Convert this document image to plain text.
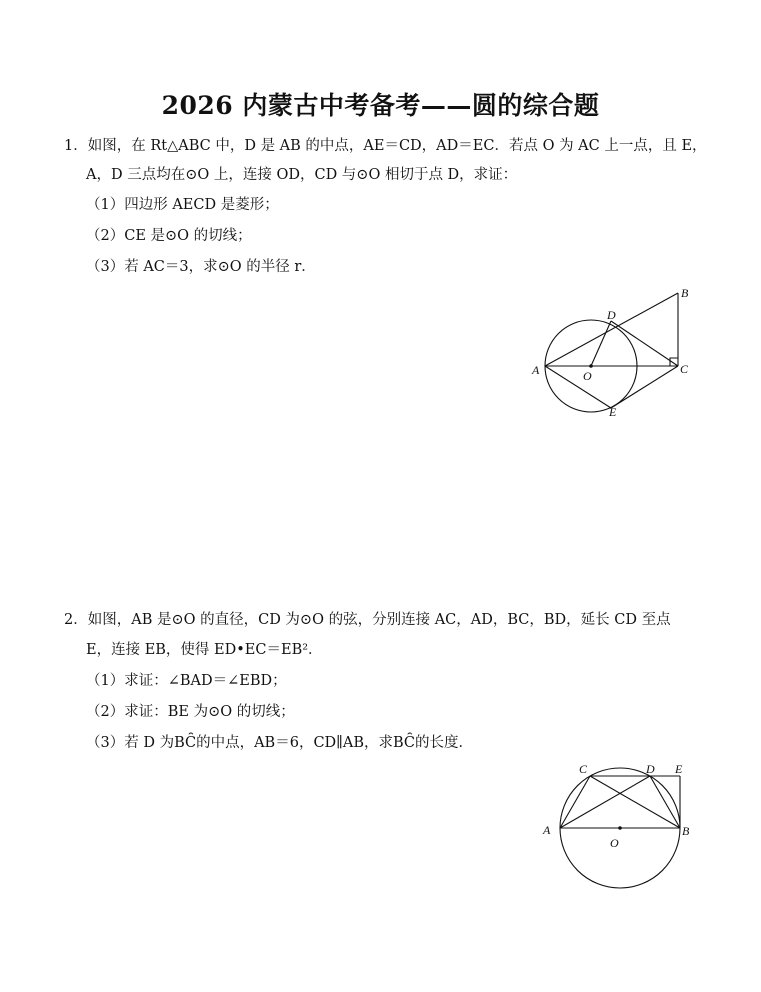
2026 内蒙古中考备考——圆的综合题
1．如图，在 Rt△ABC 中，D 是 AB 的中点，AE＝CD，AD＝EC．若点 O 为 AC 上一点，且 E，
A，D 三点均在⊙O 上，连接 OD，CD 与⊙O 相切于点 D，求证：
（1）四边形 AECD 是菱形；
（2）CE 是⊙O 的切线；
（3）若 AC＝3，求⊙O 的半径 r．
B
D
A	O	C
E
2．如图，AB 是⊙O 的直径，CD 为⊙O 的弦，分别连接 AC，AD，BC，BD，延长 CD 至点
E，连接 EB，使得 ED•EC＝EB²．
（1）求证：∠BAD＝∠EBD；
（2）求证：BE 为⊙O 的切线；
（3）若 D 为BC̑的中点，AB＝6，CD∥AB，求BC̑的长度．
C	D E
A	B
O
